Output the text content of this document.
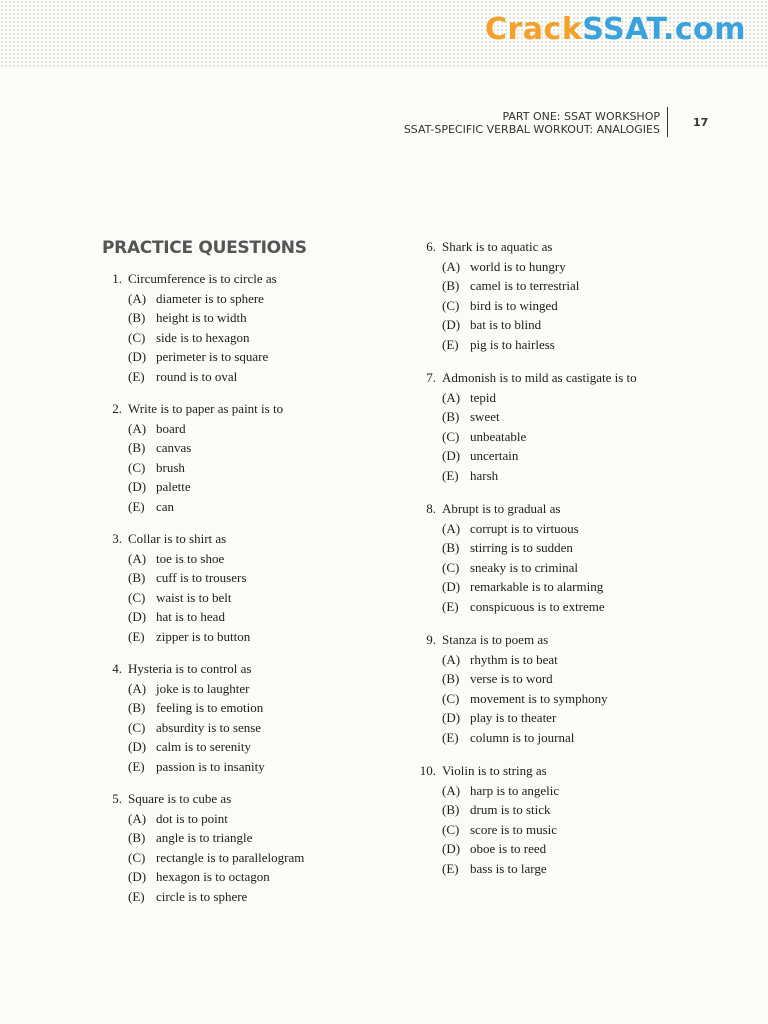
CrackSSAT.com
PART ONE: SSAT WORKSHOP
SSAT-SPECIFIC VERBAL WORKOUT: ANALOGIES
17
PRACTICE QUESTIONS
1. Circumference is to circle as
(A) diameter is to sphere
(B) height is to width
(C) side is to hexagon
(D) perimeter is to square
(E) round is to oval
2. Write is to paper as paint is to
(A) board
(B) canvas
(C) brush
(D) palette
(E) can
3. Collar is to shirt as
(A) toe is to shoe
(B) cuff is to trousers
(C) waist is to belt
(D) hat is to head
(E) zipper is to button
4. Hysteria is to control as
(A) joke is to laughter
(B) feeling is to emotion
(C) absurdity is to sense
(D) calm is to serenity
(E) passion is to insanity
5. Square is to cube as
(A) dot is to point
(B) angle is to triangle
(C) rectangle is to parallelogram
(D) hexagon is to octagon
(E) circle is to sphere
6. Shark is to aquatic as
(A) world is to hungry
(B) camel is to terrestrial
(C) bird is to winged
(D) bat is to blind
(E) pig is to hairless
7. Admonish is to mild as castigate is to
(A) tepid
(B) sweet
(C) unbeatable
(D) uncertain
(E) harsh
8. Abrupt is to gradual as
(A) corrupt is to virtuous
(B) stirring is to sudden
(C) sneaky is to criminal
(D) remarkable is to alarming
(E) conspicuous is to extreme
9. Stanza is to poem as
(A) rhythm is to beat
(B) verse is to word
(C) movement is to symphony
(D) play is to theater
(E) column is to journal
10. Violin is to string as
(A) harp is to angelic
(B) drum is to stick
(C) score is to music
(D) oboe is to reed
(E) bass is to large
